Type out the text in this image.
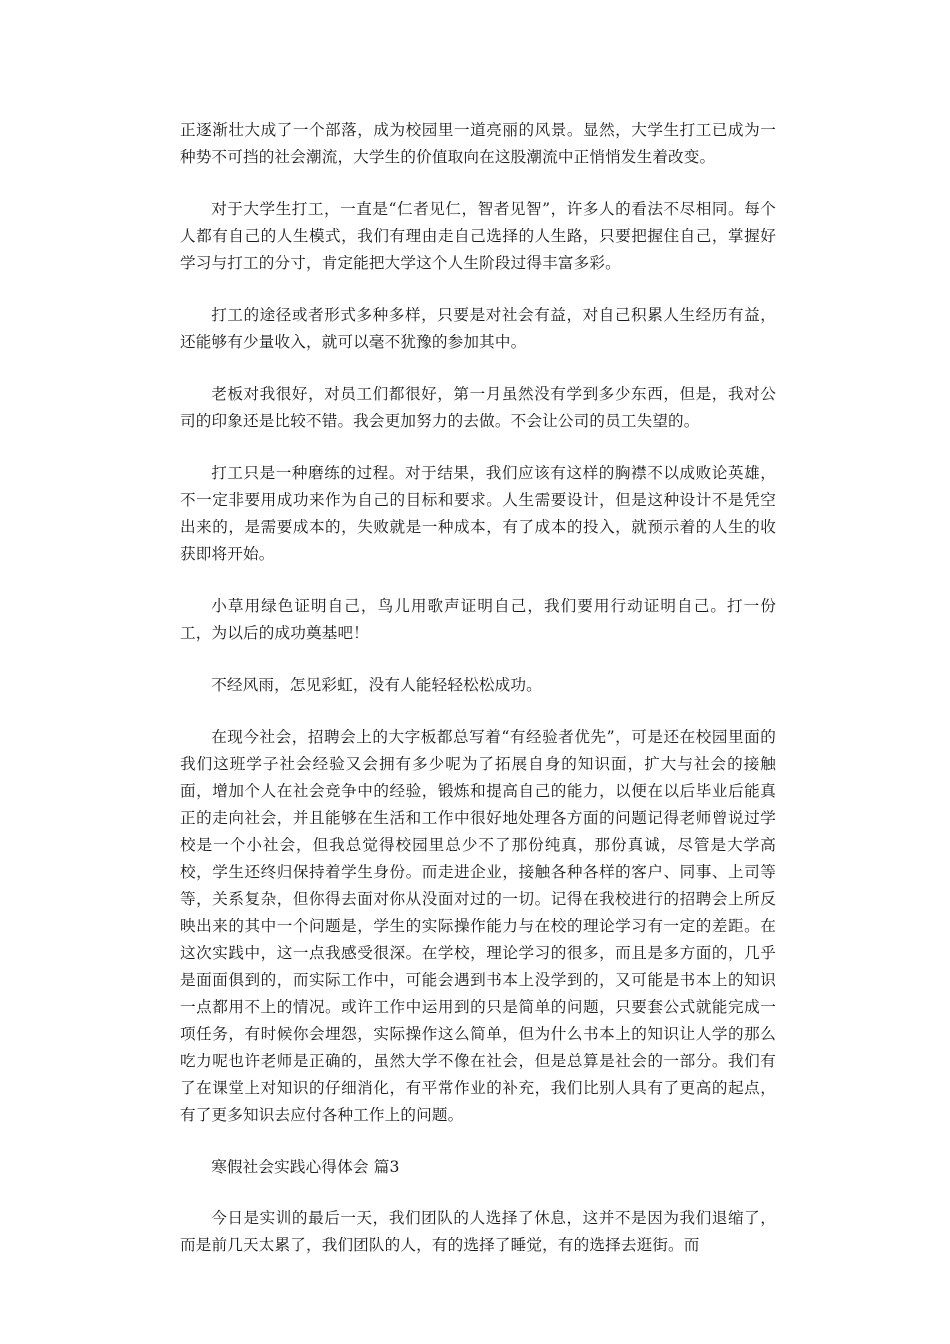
正逐渐壮大成了一个部落，成为校园里一道亮丽的风景。显然，大学生打工已成为一种势不可挡的社会潮流，大学生的价值取向在这股潮流中正悄悄发生着改变。

对于大学生打工，一直是“仁者见仁，智者见智”，许多人的看法不尽相同。每个人都有自己的人生模式，我们有理由走自己选择的人生路，只要把握住自己，掌握好学习与打工的分寸，肯定能把大学这个人生阶段过得丰富多彩。

打工的途径或者形式多种多样，只要是对社会有益，对自己积累人生经历有益，还能够有少量收入，就可以毫不犹豫的参加其中。

老板对我很好，对员工们都很好，第一月虽然没有学到多少东西，但是，我对公司的印象还是比较不错。我会更加努力的去做。不会让公司的员工失望的。

打工只是一种磨练的过程。对于结果，我们应该有这样的胸襟不以成败论英雄，不一定非要用成功来作为自己的目标和要求。人生需要设计，但是这种设计不是凭空出来的，是需要成本的，失败就是一种成本，有了成本的投入，就预示着的人生的收获即将开始。

小草用绿色证明自己，鸟儿用歌声证明自己，我们要用行动证明自己。打一份工，为以后的成功奠基吧！

不经风雨，怎见彩虹，没有人能轻轻松松成功。

在现今社会，招聘会上的大字板都总写着“有经验者优先”，可是还在校园里面的我们这班学子社会经验又会拥有多少呢为了拓展自身的知识面，扩大与社会的接触面，增加个人在社会竞争中的经验，锻炼和提高自己的能力，以便在以后毕业后能真正的走向社会，并且能够在生活和工作中很好地处理各方面的问题记得老师曾说过学校是一个小社会，但我总觉得校园里总少不了那份纯真，那份真诚，尽管是大学高校，学生还终归保持着学生身份。而走进企业，接触各种各样的客户、同事、上司等等，关系复杂，但你得去面对你从没面对过的一切。记得在我校进行的招聘会上所反映出来的其中一个问题是，学生的实际操作能力与在校的理论学习有一定的差距。在这次实践中，这一点我感受很深。在学校，理论学习的很多，而且是多方面的，几乎是面面俱到的，而实际工作中，可能会遇到书本上没学到的，又可能是书本上的知识一点都用不上的情况。或许工作中运用到的只是简单的问题，只要套公式就能完成一项任务，有时候你会埋怨，实际操作这么简单，但为什么书本上的知识让人学的那么吃力呢也许老师是正确的，虽然大学不像在社会，但是总算是社会的一部分。我们有了在课堂上对知识的仔细消化，有平常作业的补充，我们比别人具有了更高的起点，有了更多知识去应付各种工作上的问题。

寒假社会实践心得体会 篇3

今日是实训的最后一天，我们团队的人选择了休息，这并不是因为我们退缩了，而是前几天太累了，我们团队的人，有的选择了睡觉，有的选择去逛街。而
